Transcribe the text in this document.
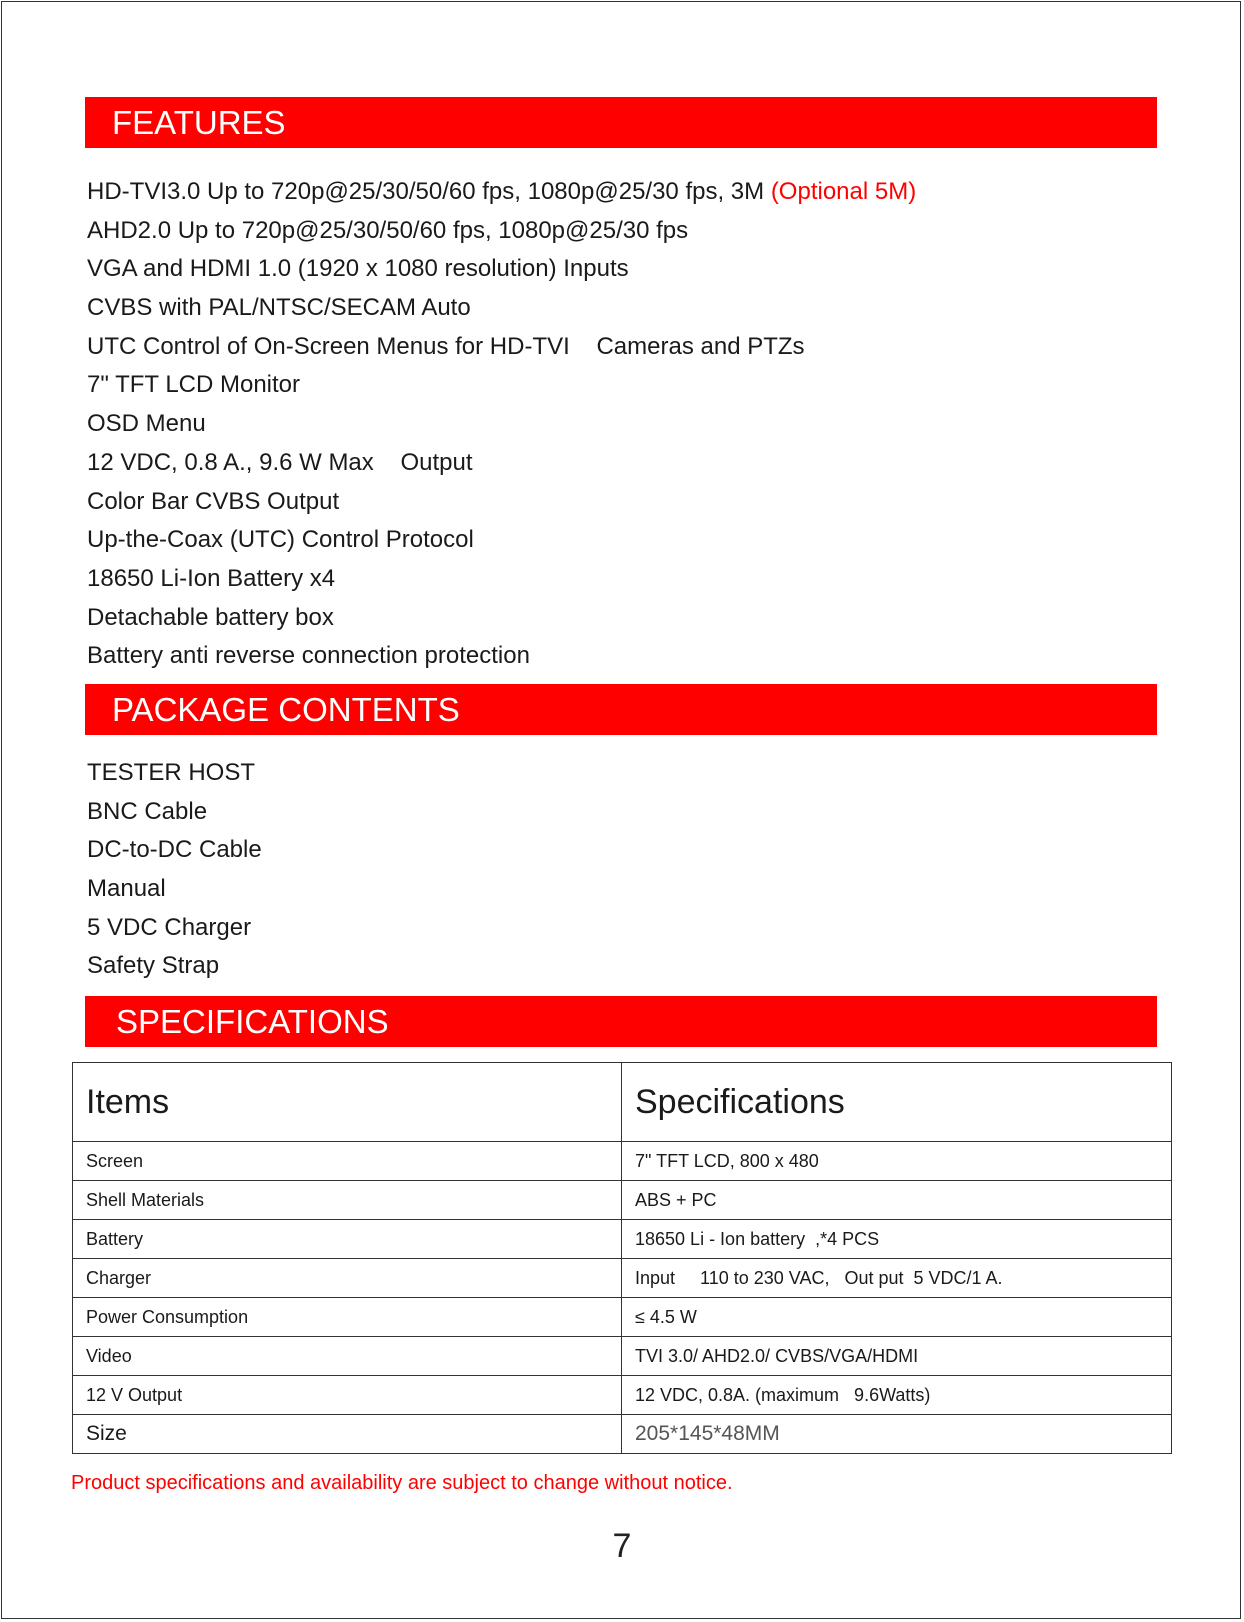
FEATURES
HD-TVI3.0 Up to 720p@25/30/50/60 fps, 1080p@25/30 fps, 3M (Optional 5M)
AHD2.0 Up to 720p@25/30/50/60 fps, 1080p@25/30 fps
VGA and HDMI 1.0 (1920 x 1080 resolution) Inputs
CVBS with PAL/NTSC/SECAM Auto
UTC Control of On-Screen Menus for HD-TVI    Cameras and PTZs
7" TFT LCD Monitor
OSD Menu
12 VDC, 0.8 A., 9.6 W Max    Output
Color Bar CVBS Output
Up-the-Coax (UTC) Control Protocol
18650 Li-Ion Battery x4
Detachable battery box
Battery anti reverse connection protection
PACKAGE CONTENTS
TESTER HOST
BNC Cable
DC-to-DC Cable
Manual
5 VDC Charger
Safety Strap
SPECIFICATIONS
Items	Specifications
Screen	7" TFT LCD, 800 x 480
Shell Materials	ABS + PC
Battery	18650 Li - Ion battery  ,*4 PCS
Charger	Input     110 to 230 VAC,   Out put  5 VDC/1 A.
Power Consumption	≤ 4.5 W
Video	TVI 3.0/ AHD2.0/ CVBS/VGA/HDMI
12 V Output	12 VDC, 0.8A. (maximum   9.6Watts)
Size	205*145*48MM
Product specifications and availability are subject to change without notice.
7
